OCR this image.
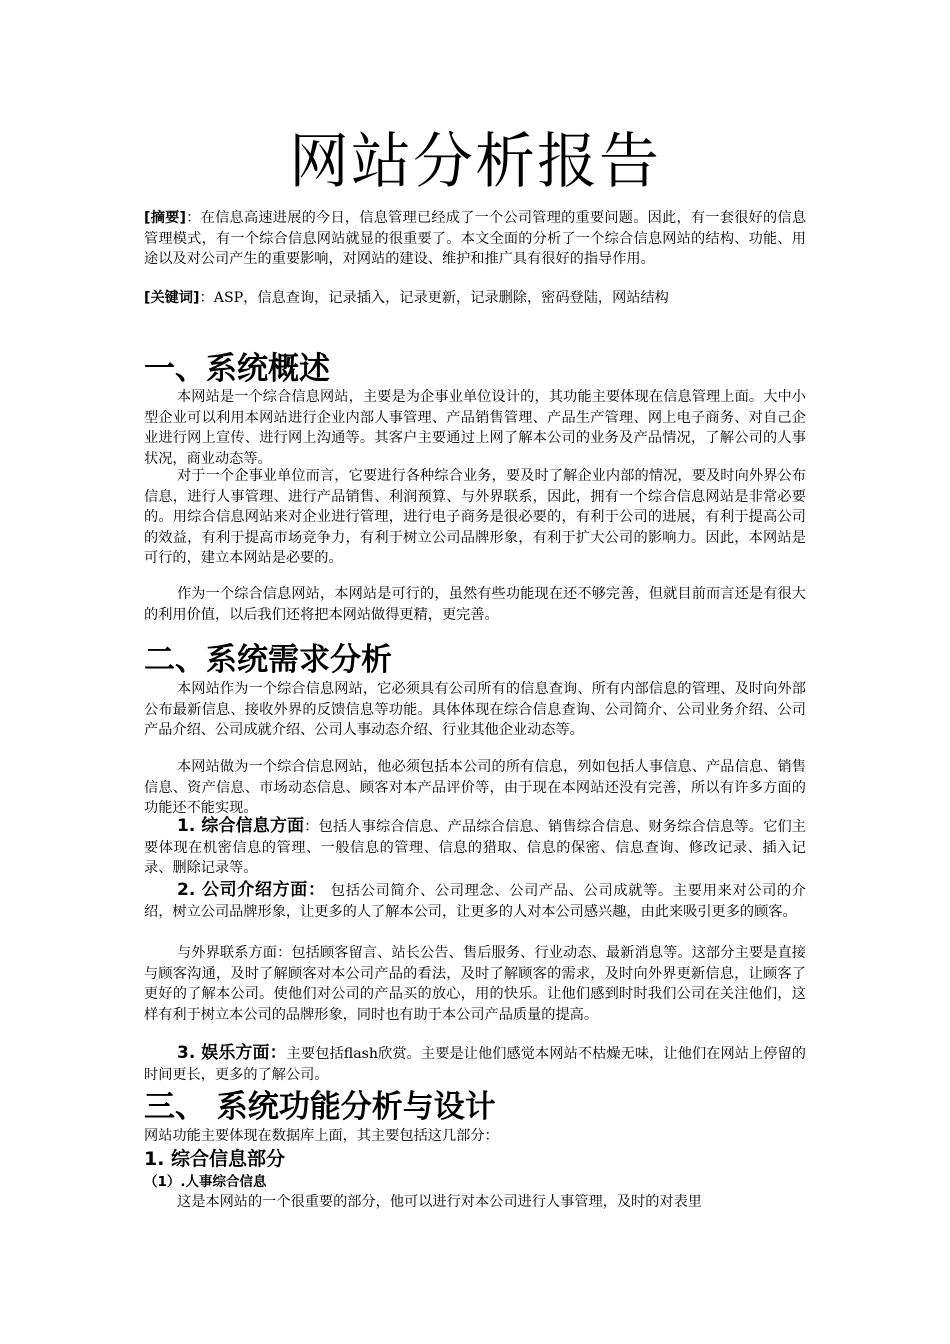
网站分析报告

[摘要]：在信息高速进展的今日，信息管理已经成了一个公司管理的重要问题。因此，有一套很好的信息管理模式，有一个综合信息网站就显的很重要了。本文全面的分析了一个综合信息网站的结构、功能、用途以及对公司产生的重要影响，对网站的建设、维护和推广具有很好的指导作用。

[关键词]：ASP，信息查询，记录插入，记录更新，记录删除，密码登陆，网站结构

一、系统概述

本网站是一个综合信息网站，主要是为企事业单位设计的，其功能主要体现在信息管理上面。大中小型企业可以利用本网站进行企业内部人事管理、产品销售管理、产品生产管理、网上电子商务、对自己企业进行网上宣传、进行网上沟通等。其客户主要通过上网了解本公司的业务及产品情况，了解公司的人事状况，商业动态等。

对于一个企事业单位而言，它要进行各种综合业务，要及时了解企业内部的情况，要及时向外界公布信息，进行人事管理、进行产品销售、利润预算、与外界联系，因此，拥有一个综合信息网站是非常必要的。用综合信息网站来对企业进行管理，进行电子商务是很必要的，有利于公司的进展，有利于提高公司的效益，有利于提高市场竞争力，有利于树立公司品牌形象，有利于扩大公司的影响力。因此，本网站是可行的，建立本网站是必要的。

作为一个综合信息网站，本网站是可行的，虽然有些功能现在还不够完善，但就目前而言还是有很大的利用价值，以后我们还将把本网站做得更精，更完善。

二、系统需求分析

本网站作为一个综合信息网站，它必须具有公司所有的信息查询、所有内部信息的管理、及时向外部公布最新信息、接收外界的反馈信息等功能。具体体现在综合信息查询、公司简介、公司业务介绍、公司产品介绍、公司成就介绍、公司人事动态介绍、行业其他企业动态等。

本网站做为一个综合信息网站，他必须包括本公司的所有信息，列如包括人事信息、产品信息、销售信息、资产信息、市场动态信息、顾客对本产品评价等，由于现在本网站还没有完善，所以有许多方面的功能还不能实现。

1. 综合信息方面：包括人事综合信息、产品综合信息、销售综合信息、财务综合信息等。它们主要体现在机密信息的管理、一般信息的管理、信息的猎取、信息的保密、信息查询、修改记录、插入记录、删除记录等。

2. 公司介绍方面： 包括公司简介、公司理念、公司产品、公司成就等。主要用来对公司的介绍，树立公司品牌形象，让更多的人了解本公司，让更多的人对本公司感兴趣，由此来吸引更多的顾客。

与外界联系方面：包括顾客留言、站长公告、售后服务、行业动态、最新消息等。这部分主要是直接与顾客沟通，及时了解顾客对本公司产品的看法，及时了解顾客的需求，及时向外界更新信息，让顾客了更好的了解本公司。使他们对公司的产品买的放心，用的快乐。让他们感到时时我们公司在关注他们，这样有利于树立本公司的品牌形象，同时也有助于本公司产品质量的提高。

3. 娱乐方面：主要包括flash欣赏。主要是让他们感觉本网站不枯燥无味，让他们在网站上停留的时间更长，更多的了解公司。

三、 系统功能分析与设计

网站功能主要体现在数据库上面，其主要包括这几部分：

1. 综合信息部分
（1）.人事综合信息

这是本网站的一个很重要的部分，他可以进行对本公司进行人事管理，及时的对表里
